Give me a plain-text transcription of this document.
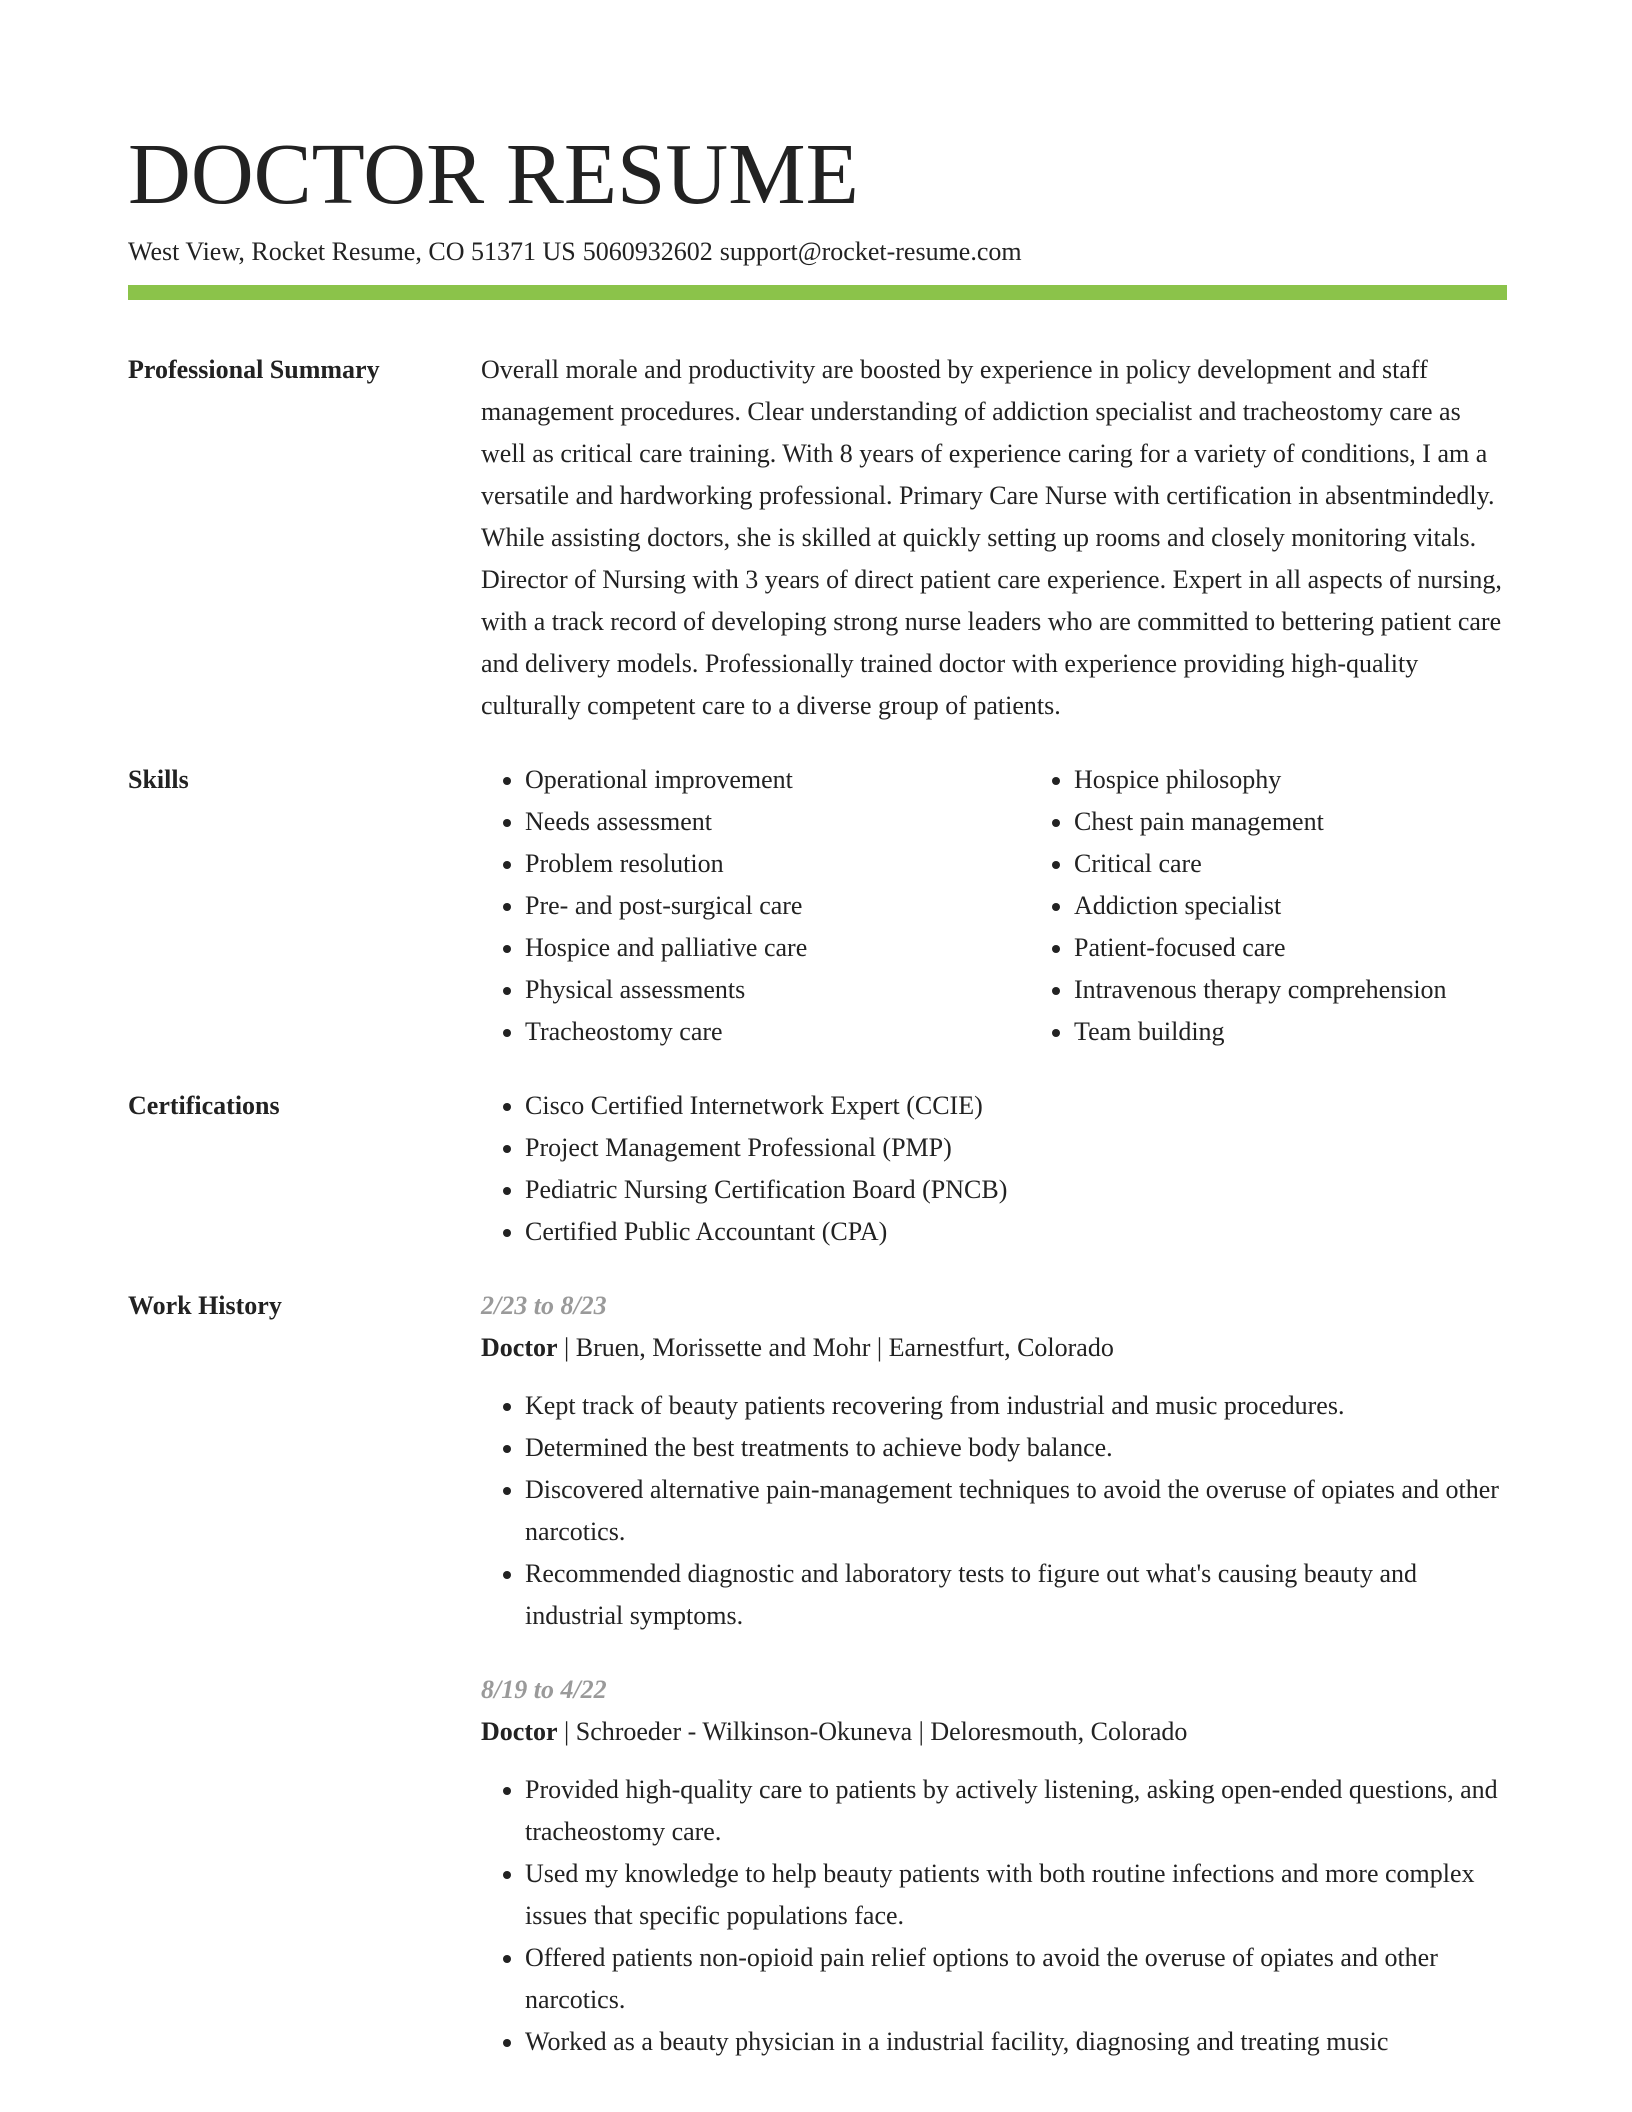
DOCTOR RESUME
West View, Rocket Resume, CO 51371 US 5060932602 support@rocket-resume.com
Professional Summary	Overall morale and productivity are boosted by experience in policy development and staff management procedures. Clear understanding of addiction specialist and tracheostomy care as well as critical care training. With 8 years of experience caring for a variety of conditions, I am a versatile and hardworking professional. Primary Care Nurse with certification in absentmindedly. While assisting doctors, she is skilled at quickly setting up rooms and closely monitoring vitals. Director of Nursing with 3 years of direct patient care experience. Expert in all aspects of nursing, with a track record of developing strong nurse leaders who are committed to bettering patient care and delivery models. Professionally trained doctor with experience providing high-quality culturally competent care to a diverse group of patients.

Skills	• Operational improvement
• Needs assessment
• Problem resolution
• Pre- and post-surgical care
• Hospice and palliative care
• Physical assessments
• Tracheostomy care
• Hospice philosophy
• Chest pain management
• Critical care
• Addiction specialist
• Patient-focused care
• Intravenous therapy comprehension
• Team building
Certifications	• Cisco Certified Internetwork Expert (CCIE)
• Project Management Professional (PMP)
• Pediatric Nursing Certification Board (PNCB)
• Certified Public Accountant (CPA)
Work History	2/23 to 8/23
Doctor | Bruen, Morissette and Mohr | Earnestfurt, Colorado
• Kept track of beauty patients recovering from industrial and music procedures.
• Determined the best treatments to achieve body balance.
• Discovered alternative pain-management techniques to avoid the overuse of opiates and other narcotics.
• Recommended diagnostic and laboratory tests to figure out what's causing beauty and industrial symptoms.
8/19 to 4/22
Doctor | Schroeder - Wilkinson-Okuneva | Deloresmouth, Colorado
• Provided high-quality care to patients by actively listening, asking open-ended questions, and tracheostomy care.
• Used my knowledge to help beauty patients with both routine infections and more complex issues that specific populations face.
• Offered patients non-opioid pain relief options to avoid the overuse of opiates and other narcotics.
• Worked as a beauty physician in a industrial facility, diagnosing and treating music
